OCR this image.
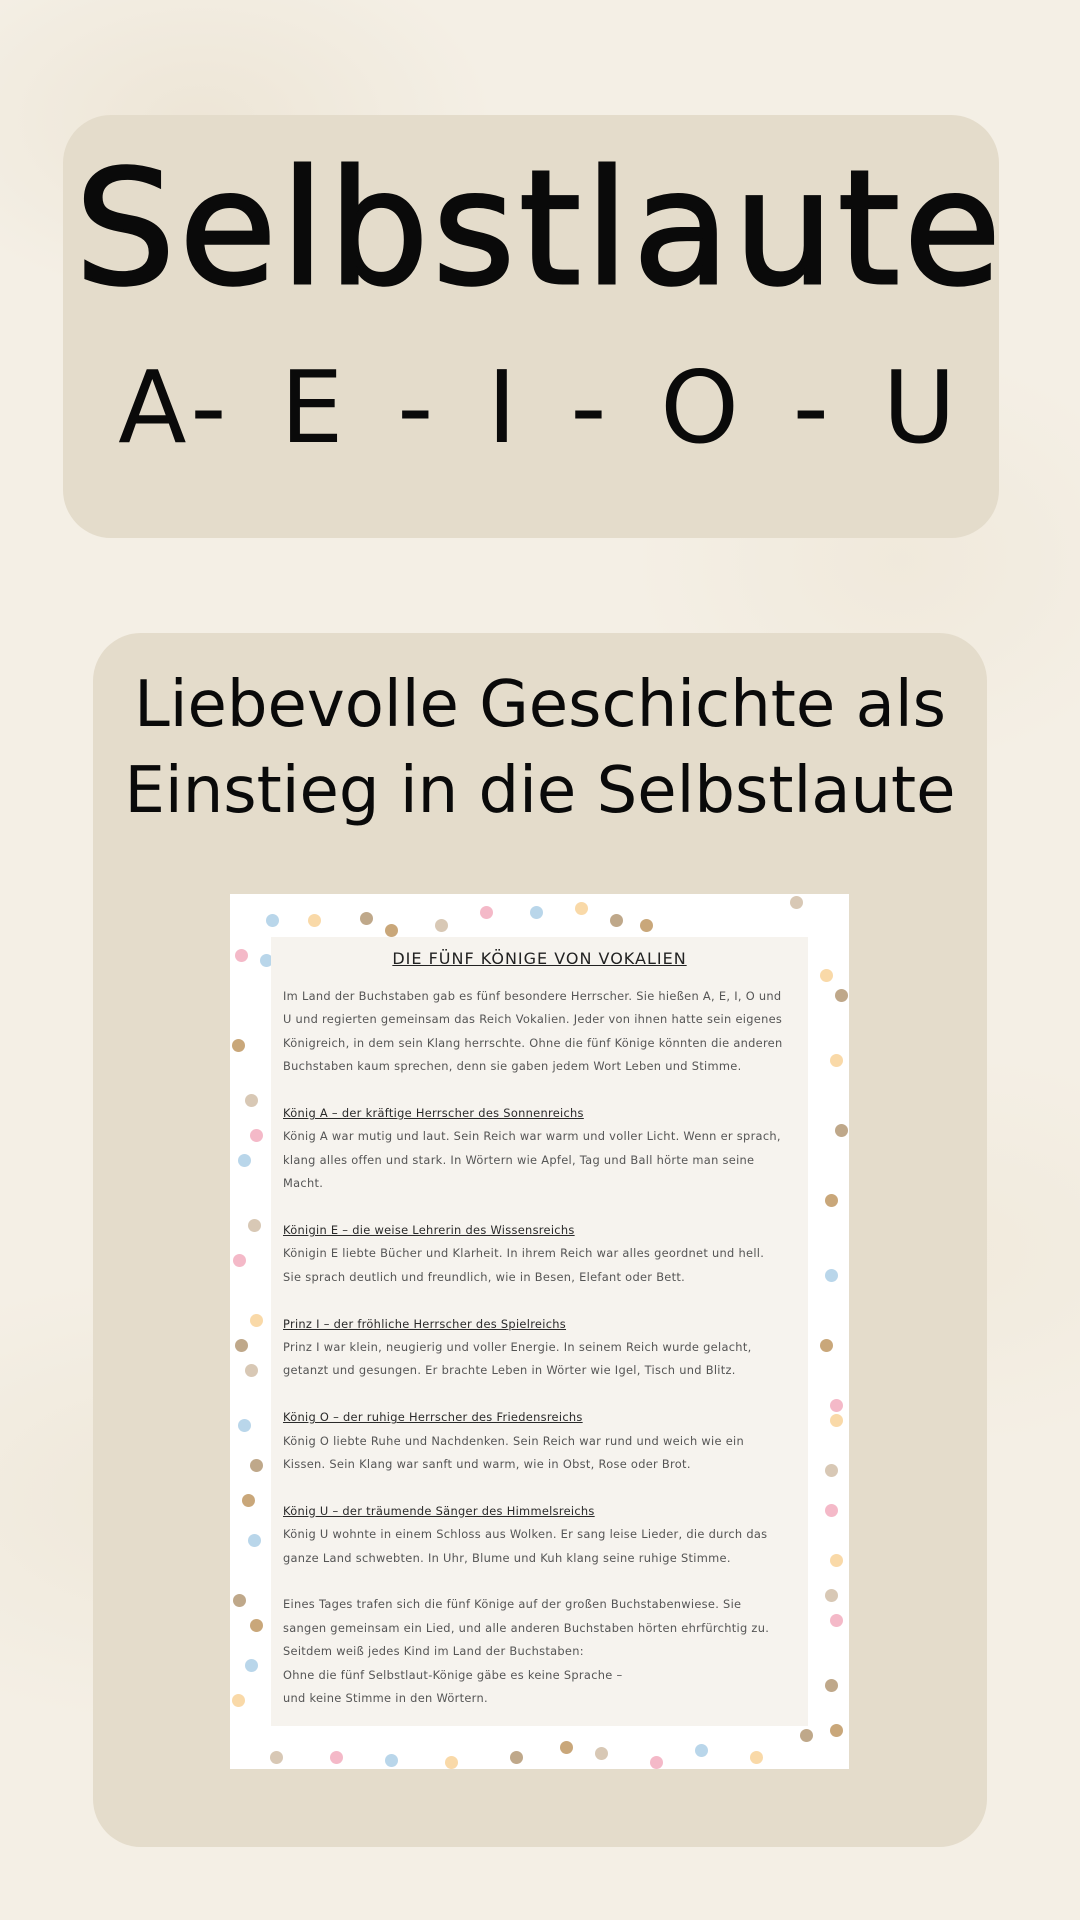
Selbstlaute
A- E - I - O - U
Liebevolle Geschichte als
Einstieg in die Selbstlaute
DIE FÜNF KÖNIGE VON VOKALIEN
Im Land der Buchstaben gab es fünf besondere Herrscher. Sie hießen A, E, I, O und
U und regierten gemeinsam das Reich Vokalien. Jeder von ihnen hatte sein eigenes
Königreich, in dem sein Klang herrschte. Ohne die fünf Könige könnten die anderen
Buchstaben kaum sprechen, denn sie gaben jedem Wort Leben und Stimme.
König A – der kräftige Herrscher des Sonnenreichs
König A war mutig und laut. Sein Reich war warm und voller Licht. Wenn er sprach,
klang alles offen und stark. In Wörtern wie Apfel, Tag und Ball hörte man seine
Macht.
Königin E – die weise Lehrerin des Wissensreichs
Königin E liebte Bücher und Klarheit. In ihrem Reich war alles geordnet und hell.
Sie sprach deutlich und freundlich, wie in Besen, Elefant oder Bett.
Prinz I – der fröhliche Herrscher des Spielreichs
Prinz I war klein, neugierig und voller Energie. In seinem Reich wurde gelacht,
getanzt und gesungen. Er brachte Leben in Wörter wie Igel, Tisch und Blitz.
König O – der ruhige Herrscher des Friedensreichs
König O liebte Ruhe und Nachdenken. Sein Reich war rund und weich wie ein
Kissen. Sein Klang war sanft und warm, wie in Obst, Rose oder Brot.
König U – der träumende Sänger des Himmelsreichs
König U wohnte in einem Schloss aus Wolken. Er sang leise Lieder, die durch das
ganze Land schwebten. In Uhr, Blume und Kuh klang seine ruhige Stimme.
Eines Tages trafen sich die fünf Könige auf der großen Buchstabenwiese. Sie
sangen gemeinsam ein Lied, und alle anderen Buchstaben hörten ehrfürchtig zu.
Seitdem weiß jedes Kind im Land der Buchstaben:
Ohne die fünf Selbstlaut-Könige gäbe es keine Sprache –
und keine Stimme in den Wörtern.
